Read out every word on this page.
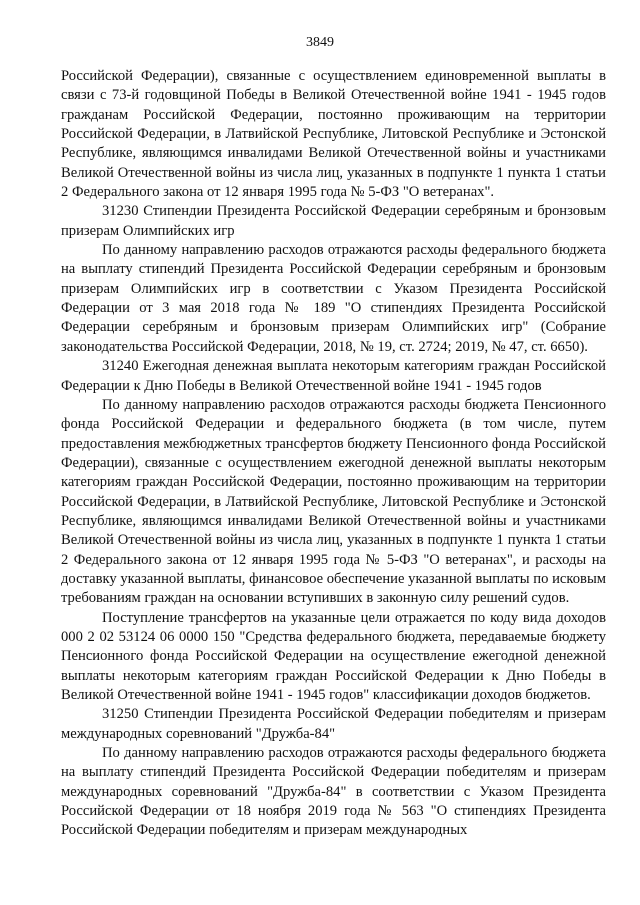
3849

Российской Федерации), связанные с осуществлением единовременной выплаты в связи с 73-й годовщиной Победы в Великой Отечественной войне 1941 - 1945 годов гражданам Российской Федерации, постоянно проживающим на территории Российской Федерации, в Латвийской Республике, Литовской Республике и Эстонской Республике, являющимся инвалидами Великой Отечественной войны и участниками Великой Отечественной войны из числа лиц, указанных в подпункте 1 пункта 1 статьи 2 Федерального закона от 12 января 1995 года № 5-ФЗ "О ветеранах".

31230 Стипендии Президента Российской Федерации серебряным и бронзовым призерам Олимпийских игр

По данному направлению расходов отражаются расходы федерального бюджета на выплату стипендий Президента Российской Федерации серебряным и бронзовым призерам Олимпийских игр в соответствии с Указом Президента Российской Федерации от 3 мая 2018 года № 189 "О стипендиях Президента Российской Федерации серебряным и бронзовым призерам Олимпийских игр" (Собрание законодательства Российской Федерации, 2018, № 19, ст. 2724; 2019, № 47, ст. 6650).

31240 Ежегодная денежная выплата некоторым категориям граждан Российской Федерации к Дню Победы в Великой Отечественной войне 1941 - 1945 годов

По данному направлению расходов отражаются расходы бюджета Пенсионного фонда Российской Федерации и федерального бюджета (в том числе, путем предоставления межбюджетных трансфертов бюджету Пенсионного фонда Российской Федерации), связанные с осуществлением ежегодной денежной выплаты некоторым категориям граждан Российской Федерации, постоянно проживающим на территории Российской Федерации, в Латвийской Республике, Литовской Республике и Эстонской Республике, являющимся инвалидами Великой Отечественной войны и участниками Великой Отечественной войны из числа лиц, указанных в подпункте 1 пункта 1 статьи 2 Федерального закона от 12 января 1995 года № 5-ФЗ "О ветеранах", и расходы на доставку указанной выплаты, финансовое обеспечение указанной выплаты по исковым требованиям граждан на основании вступивших в законную силу решений судов.

Поступление трансфертов на указанные цели отражается по коду вида доходов 000 2 02 53124 06 0000 150 "Средства федерального бюджета, передаваемые бюджету Пенсионного фонда Российской Федерации на осуществление ежегодной денежной выплаты некоторым категориям граждан Российской Федерации к Дню Победы в Великой Отечественной войне 1941 - 1945 годов" классификации доходов бюджетов.

31250 Стипендии Президента Российской Федерации победителям и призерам международных соревнований "Дружба-84"

По данному направлению расходов отражаются расходы федерального бюджета на выплату стипендий Президента Российской Федерации победителям и призерам международных соревнований "Дружба-84" в соответствии с Указом Президента Российской Федерации от 18 ноября 2019 года № 563 "О стипендиях Президента Российской Федерации победителям и призерам международных
